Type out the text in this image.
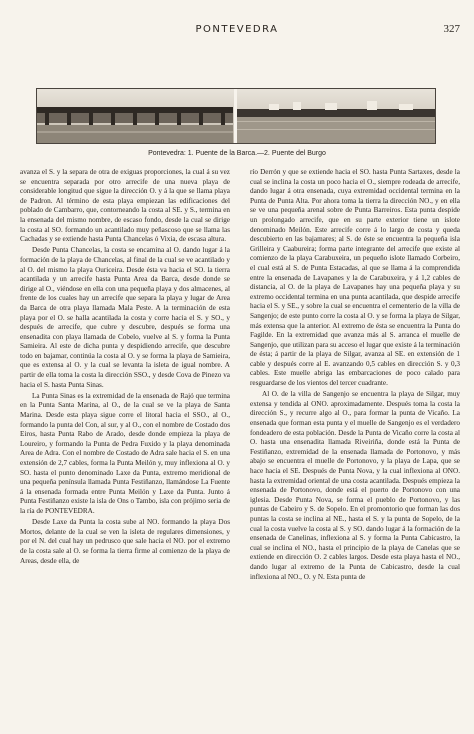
PONTEVEDRA	327
Pontevedra: 1. Puente de la Barca.—2. Puente del Burgo

avanza el S. y la separa de otra de exiguas proporciones, la cual á su vez se encuentra separada por otro arrecife de una nueva playa de considerable longitud que sigue la dirección O. y á la que se llama playa de Padron. Al término de esta playa empiezan las edificaciones del poblado de Cambarro, que, contorneando la costa al SE. y S., termina en la ensenada del mismo nombre, de escaso fondo, desde la cual se dirige la costa al SO. formando un acantilado muy peñascoso que se llama las Cachadas y se extiende hasta Punta Chancelas ó Vixia, de escasa altura.

Desde Punta Chancelas, la costa se encamina al O. dando lugar á la formación de la playa de Chancelas, al final de la cual se ve acantilado y al O. del mismo la playa Ouriceira. Desde ésta va hacia el SO. la tierra acantilada y un arrecife hasta Punta Area da Barca, desde donde se dirige al O., viéndose en ella con una pequeña playa y dos almacenes, al frente de los cuales hay un arrecife que separa la playa y lugar de Area da Barca de otra playa llamada Mala Peste. A la terminación de esta playa por el O. se halla acantilada la costa y corre hacia el S. y SO., y después de arrecife, que cubre y descubre, después se forma una ensenadita con playa llamada de Cobelo, vuelve al S. y forma la Punta Samieira. Al este de dicha punta y despidiendo arrecife, que descubre todo en bajamar, continúa la costa al O. y se forma la playa de Samieira, que es extensa al O. y la cual se levanta la isleta de igual nombre. A partir de ella toma la costa la dirección SSO., y desde Cova de Pinezo va hacia el S. hasta Punta Sinas.

La Punta Sinas es la extremidad de la ensenada de Rajó que termina en la Punta Santa Marina, al O., de la cual se ve la playa de Santa Marina. Desde esta playa sigue corre el litoral hacia el SSO., al O., formando la punta del Con, al sur, y al O., con el nombre de Costado dos Eiros, hasta Punta Rabo de Arado, desde donde empieza la playa de Loureiro, y formando la Punta de Pedra Fuxido y la playa denominada Area de Adra. Con el nombre de Costado de Adra sale hacia el S. en una extensión de 2,7 cables, forma la Punta Meilón y, muy inflexiona al O. y SO. hasta el punto denominado Laxe da Punta, extremo meridional de una pequeña península llamada Punta Festiñanzo, llamándose La Fuente á la ensenada formada entre Punta Meilón y Laxe da Punta. Junto á Punta Festiñanzo existe la isla de Ons o Tambo, isla con prójimo seria de la ría de PONTEVEDRA.

Desde Laxe da Punta la costa sube al NO. formando la playa Dos Mortos, delante de la cual se ven la isleta de regulares dimensiones, y por el N. del cual hay un pedrusco que sale hacia el NO. por el extremo de la costa sale al O. se forma la tierra firme al comienzo de la playa de Areas, desde ella, de

río Derrón y que se extiende hacia el SO. hasta Punta Sartaxes, desde la cual se inclina la costa un poco hacia el O., siempre rodeada de arrecife, dando lugar á otra ensenada, cuya extremidad occidental termina en la Punta de Punta Alta. Por ahora toma la tierra la dirección NO., y en ella se ve una pequeña arenal sobre de Punta Barreiros. Esta punta despide un prolongado arrecife, que en su parte exterior tiene un islote denominado Meilón. Este arrecife corre á lo largo de costa y queda descubierto en las bajamares; al S. de éste se encuentra la pequeña isla Grilleira y Caabureira; forma parte integrante del arrecife que existe al comienzo de la playa Carabuxeira, un pequeño islote llamado Corbeiro, el cual está al S. de Punta Estacadas, al que se llama á la comprendida entre la ensenada de Lavapanes y la de Carabuxeira, y á 1,2 cables de distancia, al O. de la playa de Lavapanes hay una pequeña playa y su extremo occidental termina en una punta acantilada, que despide arrecife hacia el S. y SE., y sobre la cual se encuentra el cementerio de la villa de Sangenjo; de este punto corre la costa al O. y se forma la playa de Silgar, más extensa que la anterior. Al extremo de ésta se encuentra la Punta do Fagilde. En la extremidad que avanza más al S. arranca el muelle de Sangenjo, que utilizan para su acceso el lugar que existe á la terminación de ésta; á partir de la playa de Silgar, avanza al SE. en extensión de 1 cable y después corre al E. avanzando 0,5 cables en dirección S. y 0,3 cables. Este muelle abriga las embarcaciones de poco calado para resguardarse de los vientos del tercer cuadrante.

Al O. de la villa de Sangenjo se encuentra la playa de Silgar, muy extensa y tendida al ONO. aproximadamente. Después toma la costa la dirección S., y recurre algo al O., para formar la punta de Vicaño. La ensenada que forman esta punta y el muelle de Sangenjo es el verdadero fondeadero de esta población. Desde la Punta de Vicaño corre la costa al O. hasta una ensenadita llamada Riveiriña, donde está la Punta de Festiñanzo, extremidad de la ensenada llamada de Portonovo, y más abajo se encuentra el muelle de Portonovo, y la playa de Lapa, que se hace hacia el SE. Después de Punta Nova, y la cual inflexiona al ONO. hasta la extremidad oriental de una costa acantilada. Después empieza la ensenada de Portonovo, donde está el puerto de Portonovo con una iglesia. Desde Punta Nova, se forma el pueblo de Portonovo, y las puntas de Cabeiro y S. de Sopelo. En el promontorio que forman las dos puntas la costa se inclina al NE., hasta el S. y la punta de Sopelo, de la cual la costa vuelve la costa al S. y SO. dando lugar á la formación de la ensenada de Canelinas, inflexiona al S. y forma la Punta Cabicastro, la cual se inclina el NO., hasta el principio de la playa de Canelas que se extiende en dirección O. 2 cables largos. Desde esta playa hasta el NO., dando lugar al extremo de la Punta de Cabicastro, desde la cual inflexiona al NO., O. y N. Esta punta de
